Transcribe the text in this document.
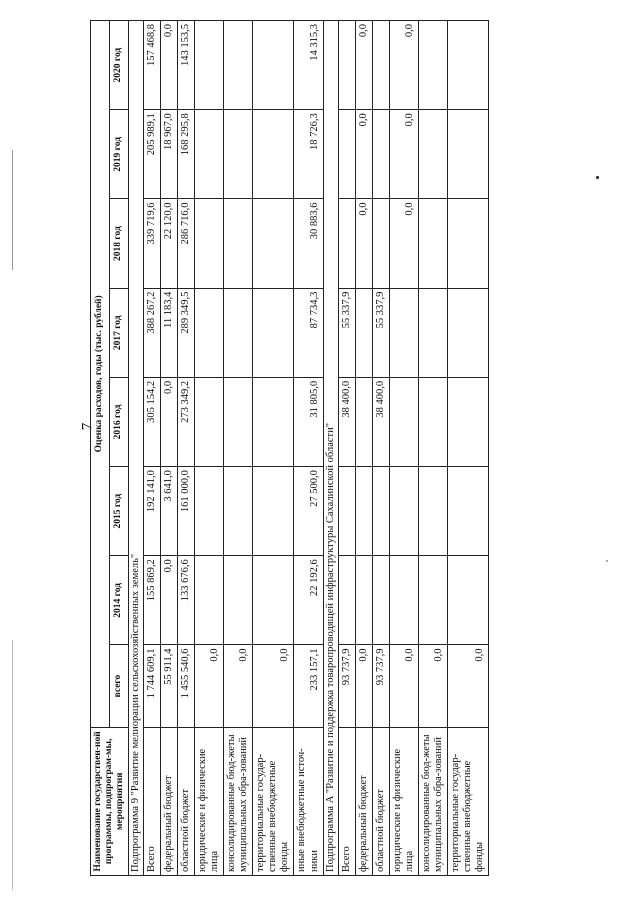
7
Наименование государствен-ной программы, подпрограм-мы, мероприятия	Оценка расходов, годы (тыс. рублей)							
	всего	2014 год	2015 год	2016 год	2017 год	2018 год	2019 год	2020 год
Подпрограмма 9 "Развитие мелиорации сельскохозяйственных земель"								
Всего	1 744 609,1	155 869,2	192 141,0	305 154,2	388 267,2	339 719,6	205 989,1	157 468,8
федеральный бюджет	55 911,4	0,0	3 641,0	0,0	11 183,4	22 120,0	18 967,0	0,0
областной бюджет	1 455 540,6	133 676,6	161 000,0	273 349,2	289 349,5	286 716,0	168 295,8	143 153,5
юридические и физические лица	0,0							
консолидированные бюд-жеты муниципальных обра-зований	0,0							
территориальные государ-ственные внебюджетные фонды	0,0							
иные внебюджетные источ-ники	233 157,1	22 192,6	27 500,0	31 805,0	87 734,3	30 883,6	18 726,3	14 315,3
Подпрограмма А "Развитие и поддержка товаропроводящей инфраструктуры Сахалинской области"								
Всего	93 737,9			38 400,0	55 337,9			
федеральный бюджет	0,0					0,0	0,0	0,0
областной бюджет	93 737,9			38 400,0	55 337,9			
юридические и физические лица	0,0					0,0	0,0	0,0
консолидированные бюд-жеты муниципальных обра-зований	0,0							
территориальные государ-ственные внебюджетные фонды	0,0							
